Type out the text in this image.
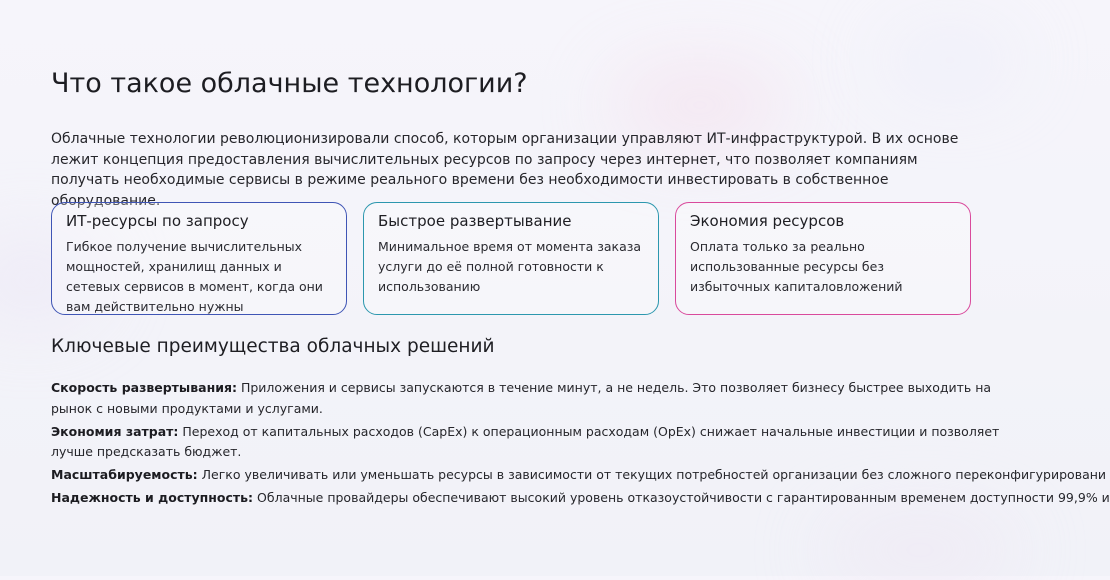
Что такое облачные технологии?

Облачные технологии революционизировали способ, которым организации управляют ИТ-инфраструктурой. В их основе лежит концепция предоставления вычислительных ресурсов по запросу через интернет, что позволяет компаниям получать необходимые сервисы в режиме реального времени без необходимости инвестировать в собственное оборудование.

ИТ-ресурсы по запросу

Гибкое получение вычислительных мощностей, хранилищ данных и сетевых сервисов в момент, когда они вам действительно нужны

Быстрое развертывание

Минимальное время от момента заказа услуги до её полной готовности к использованию

Экономия ресурсов

Оплата только за реально использованные ресурсы без избыточных капиталовложений

Ключевые преимущества облачных решений

Скорость развертывания: Приложения и сервисы запускаются в течение минут, а не недель. Это позволяет бизнесу быстрее выходить на рынок с новыми продуктами и услугами.

Экономия затрат: Переход от капитальных расходов (CapEx) к операционным расходам (OpEx) снижает начальные инвестиции и позволяет лучше предсказать бюджет.

Масштабируемость: Легко увеличивать или уменьшать ресурсы в зависимости от текущих потребностей организации без сложного переконфигурировани

Надежность и доступность: Облачные провайдеры обеспечивают высокий уровень отказоустойчивости с гарантированным временем доступности 99,9% и
